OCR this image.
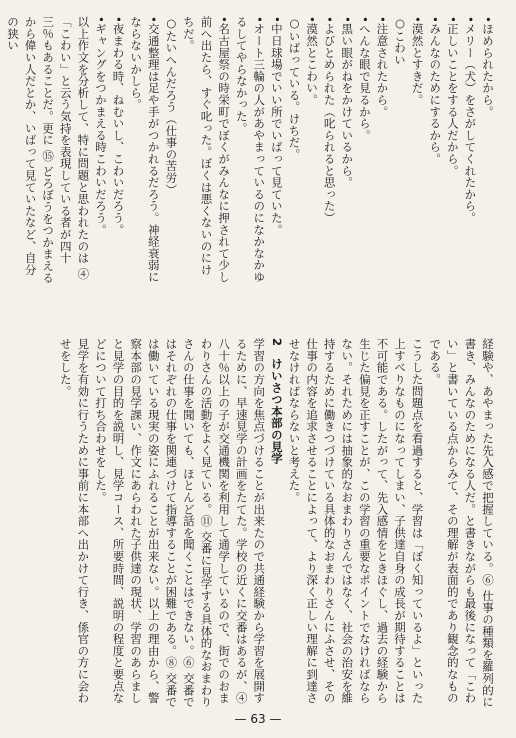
•ほめられたから。

•メリー（犬）をさがしてくれたから。

•正しいことをする人だから。

•みんなのためにするから。

•漠然とすきだ。

○こわい

•注意されたから。

•へんな眼で見るから。

•黒い眼がねをかけているから。

•よびとめられた（叱られると思った）

•漠然とこわい。

○いばっている。けちだ。

•中日球場でいい所でいばって見ていた。

•オート三輪の人があやまっているのになかなかゆるしてやらなかった。

•名古屋祭の時栄町でぼくがみんなに押されて少し前へ出たら、すぐ叱った。ぼくは悪くないのにけちだ。

○たいへんだろう（仕事の苦労）

•交通整理は足や手がつかれるだろう。神経衰弱にならないかしら。

•夜まわる時、ねむいし、こわいだろう。

•ギャングをつかまえる時こわいだろう。

以上作文を分析して、特に問題と思われたのは ④「こわい」と云う気持を表現している者が四十三％もあることだ。更に ⑮ どろぼうをつかまえるから偉い人だとか、いばって見ていたなど、自分の狭い

経験や、あやまった先入感で把握している。⑥ 仕事の種類を羅列的に書き、みんなのためになる人だ。と書きながらも最後になって「こわい」と書いている点からみて、その理解が表面的であり観念的なものである。

こうした問題点を看過すると、学習は「ぼく知っているよ」といった上すべりなものになってしまい、子供達自身の成長が期待することは不可能である。したがって、先入感情をときほぐし、過去の経験から生じた偏見を正すことが、この学習の重要なポイントでなければならない。それためには抽象的なおまわりさんではなく、社会の治安を維持するために働きつづけている具体的なおまわりさんにふさせ、その仕事の内容を追求させることによって、より深く正しい理解に到達させなければならないと考えた。

2　けいさつ本部の見学

学習の方向を焦点づけることが出来たので共通経験から学習を展開するために、早速見学の計画をたてた。学校の近くに交番はあるが、④ 八十％以上の子が交通機関を利用して通学しているので、街でのおまわりさんの活動をよく見ている。⑪ 交番に見学する具体的なおまわりさんの仕事を聞いても、ほとんど話を聞くことはできない。⑥ 交番ではそれぞれの仕事を関連づけて指導することが困難である。⑧ 交番では働いている現実の姿にふれることが出来ない。以上の理由から、警察本部の見学課い、作文にあらわれた子供達の現状、学習のあらましと見学の目的を説明し、見学コース、所要時間、説明の程度と要点などについて打ち合わせをした。

見学を有効に行うために事前に本部へ出かけて行き、係官の方に会わせをした。

— 63 —
